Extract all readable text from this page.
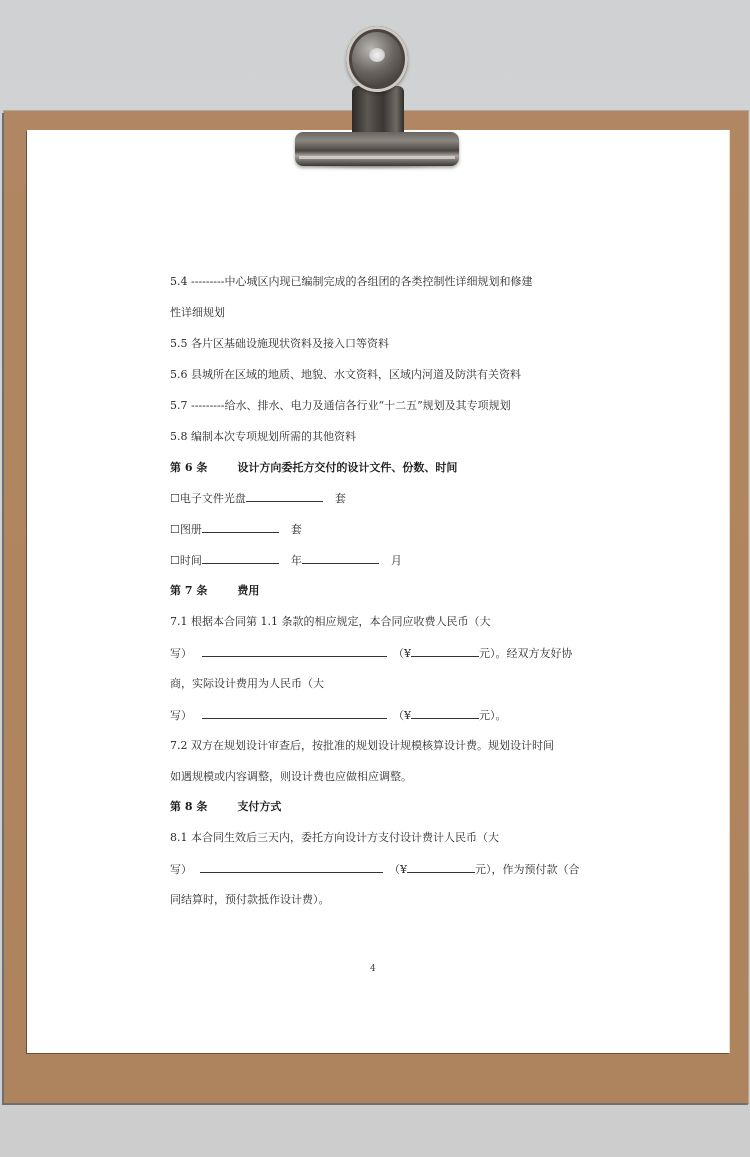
5.4 ---------中心城区内现已编制完成的各组团的各类控制性详细规划和修建
性详细规划
5.5 各片区基础设施现状资料及接入口等资料
5.6 县城所在区域的地质、地貌、水文资料，区域内河道及防洪有关资料
5.7 ---------给水、排水、电力及通信各行业“十二五”规划及其专项规划
5.8 编制本次专项规划所需的其他资料
第 6 条	设计方向委托方交付的设计文件、份数、时间
☐电子文件光盘	套
☐图册	套
☐时间	年	月
第 7 条	费用
7.1 根据本合同第 1.1 条款的相应规定，本合同应收费人民币（大
写）	（¥	元）。经双方友好协
商，实际设计费用为人民币（大
写）	（¥	元）。
7.2 双方在规划设计审查后，按批准的规划设计规模核算设计费。规划设计时间
如遇规模或内容调整，则设计费也应做相应调整。
第 8 条	支付方式
8.1 本合同生效后三天内，委托方向设计方支付设计费计人民币（大
写）	（¥	元），作为预付款（合
同结算时，预付款抵作设计费）。
4
